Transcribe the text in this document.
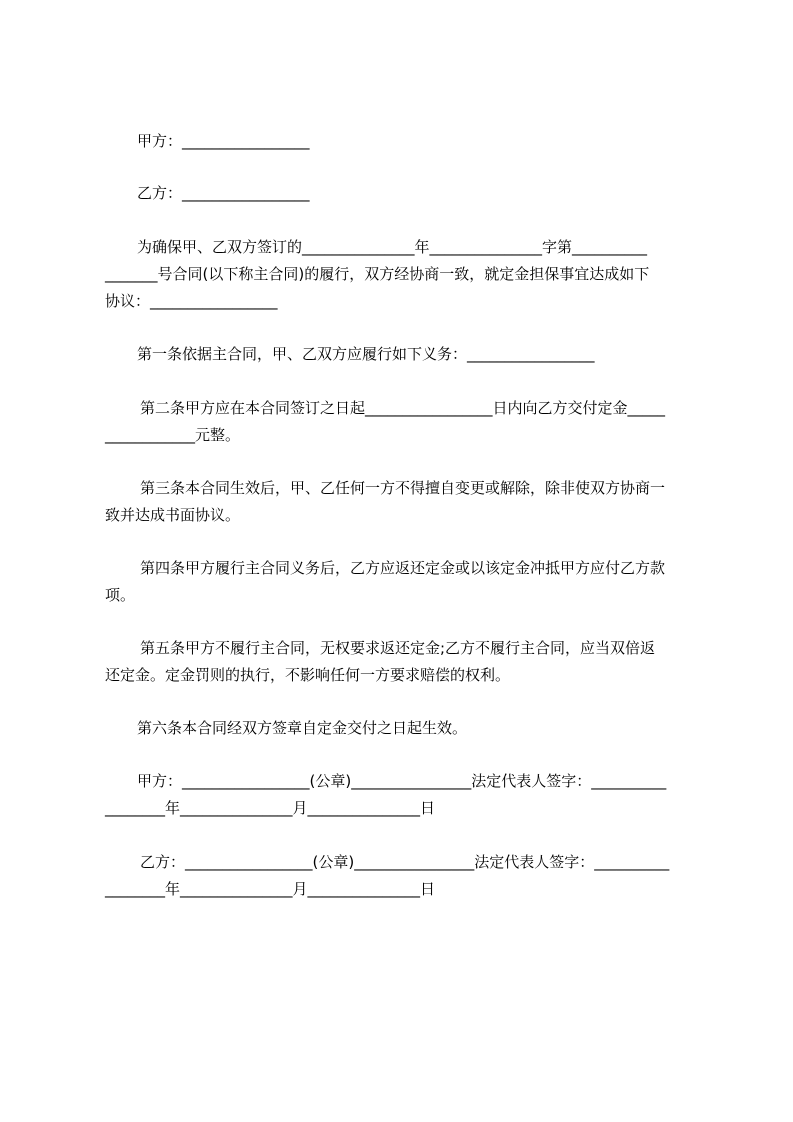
甲方：_________________
乙方：_________________
为确保甲、乙双方签订的_______________年_______________字第__________
_______号合同(以下称主合同)的履行，双方经协商一致，就定金担保事宜达成如下
协议：_________________
第一条依据主合同，甲、乙双方应履行如下义务：_________________
第二条甲方应在本合同签订之日起_________________日内向乙方交付定金_____
____________元整。
第三条本合同生效后，甲、乙任何一方不得擅自变更或解除，除非使双方协商一
致并达成书面协议。
第四条甲方履行主合同义务后，乙方应返还定金或以该定金冲抵甲方应付乙方款
项。
第五条甲方不履行主合同，无权要求返还定金;乙方不履行主合同，应当双倍返
还定金。定金罚则的执行，不影响任何一方要求赔偿的权利。
第六条本合同经双方签章自定金交付之日起生效。
甲方：_________________(公章)________________法定代表人签字：__________
________年_______________月_______________日
乙方：_________________(公章)________________法定代表人签字：__________
________年_______________月_______________日
